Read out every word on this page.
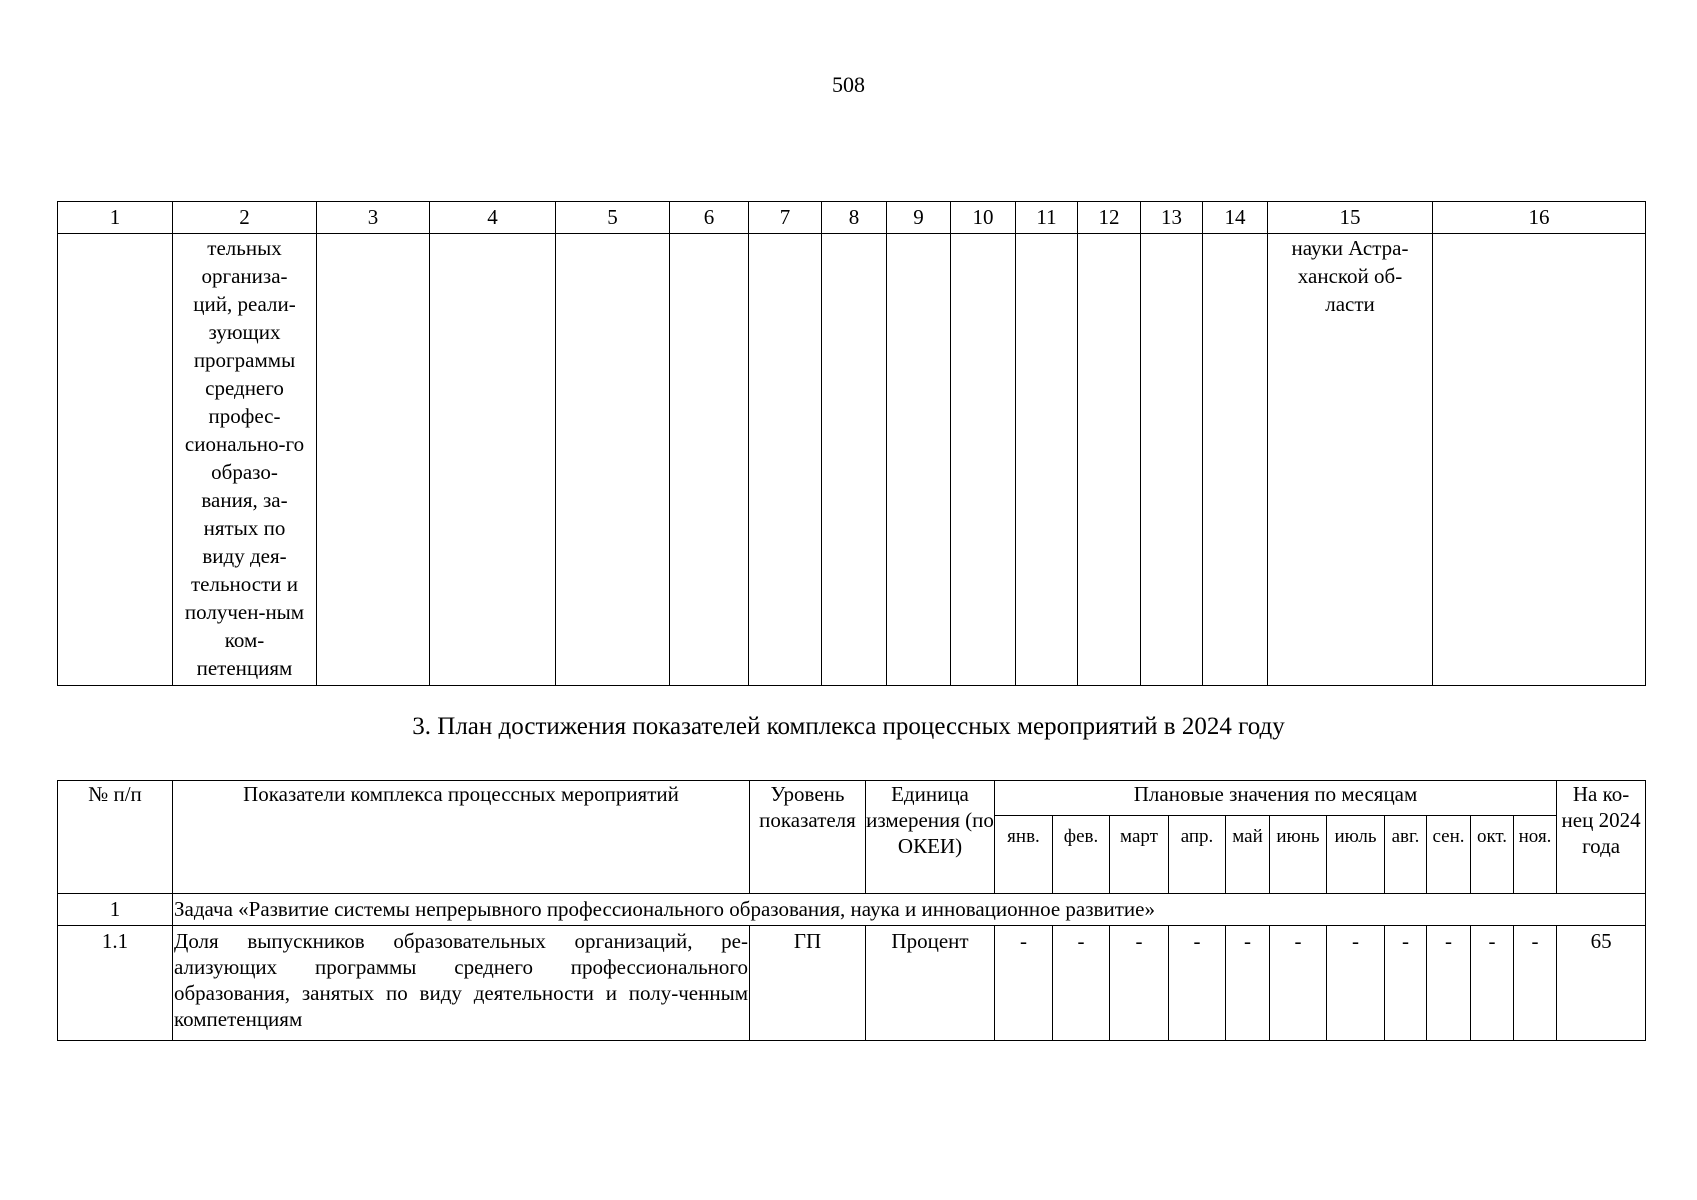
508
1	2	3	4	5	6	7	8	9	10	11	12	13	14	15	16
	тельных организа-ций, реали-зующих программы среднего профес-сионально-го образо-вания, за-нятых по виду дея-тельности и получен-ным ком-петенциям													науки Астра-ханской об-ласти	
3. План достижения показателей комплекса процессных мероприятий в 2024 году
№ п/п	Показатели комплекса процессных мероприятий	Уровень показателя	Единица измерения (по ОКЕИ)	Плановые значения по месяцам											На ко-нец 2024 года
				янв.	фев.	март	апр.	май	июнь	июль	авг.	сен.	окт.	ноя.	
1	Задача «Развитие системы непрерывного профессионального образования, наука и инновационное развитие»														
1.1	Доля выпускников образовательных организаций, ре-ализующих программы среднего профессионального образования, занятых по виду деятельности и полу-ченным компетенциям	ГП	Процент	-	-	-	-	-	-	-	-	-	-	-	65
